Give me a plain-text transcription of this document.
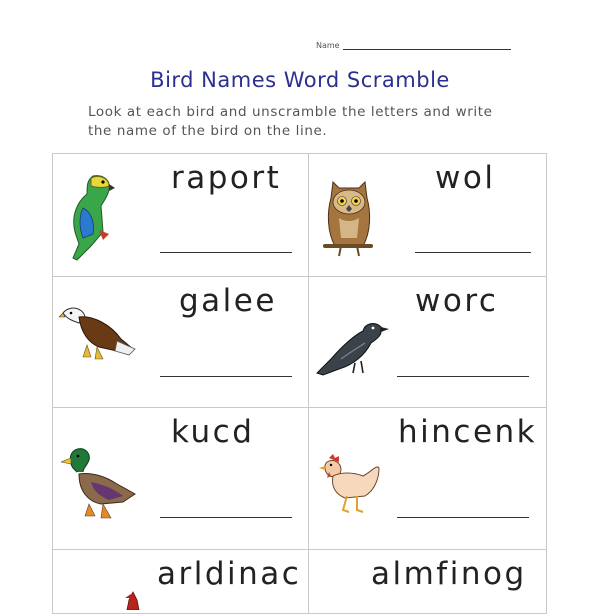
Name
Bird Names Word Scramble
Look at each bird and unscramble the letters and write the name of the bird on the line.
raport	wol
galee	worc
kucd	hincenk
arldinac almfinog
